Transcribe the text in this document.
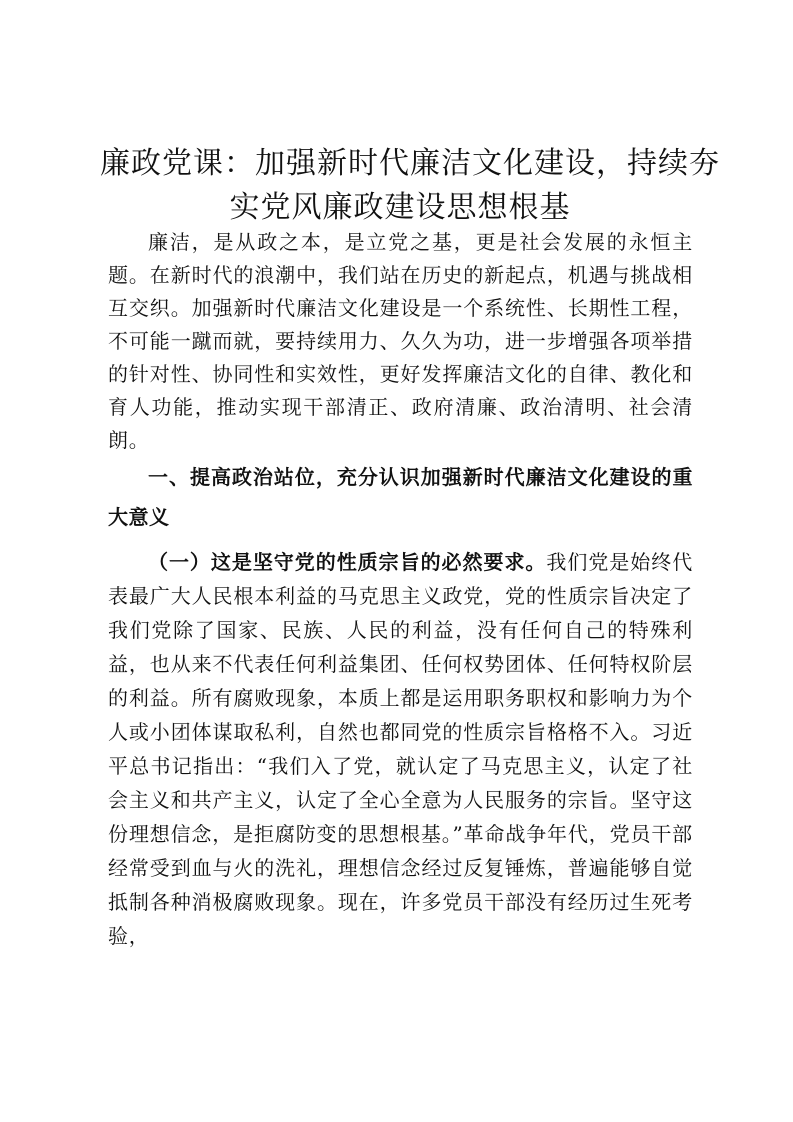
廉政党课：加强新时代廉洁文化建设，持续夯
实党风廉政建设思想根基

廉洁，是从政之本，是立党之基，更是社会发展的永恒主题。在新时代的浪潮中，我们站在历史的新起点，机遇与挑战相互交织。加强新时代廉洁文化建设是一个系统性、长期性工程，不可能一蹴而就，要持续用力、久久为功，进一步增强各项举措的针对性、协同性和实效性，更好发挥廉洁文化的自律、教化和育人功能，推动实现干部清正、政府清廉、政治清明、社会清朗。

一、提高政治站位，充分认识加强新时代廉洁文化建设的重大意义

（一）这是坚守党的性质宗旨的必然要求。我们党是始终代表最广大人民根本利益的马克思主义政党，党的性质宗旨决定了我们党除了国家、民族、人民的利益，没有任何自己的特殊利益，也从来不代表任何利益集团、任何权势团体、任何特权阶层的利益。所有腐败现象，本质上都是运用职务职权和影响力为个人或小团体谋取私利，自然也都同党的性质宗旨格格不入。习近平总书记指出：“我们入了党，就认定了马克思主义，认定了社会主义和共产主义，认定了全心全意为人民服务的宗旨。坚守这份理想信念，是拒腐防变的思想根基。”革命战争年代，党员干部经常受到血与火的洗礼，理想信念经过反复锤炼，普遍能够自觉抵制各种消极腐败现象。现在，许多党员干部没有经历过生死考验，
